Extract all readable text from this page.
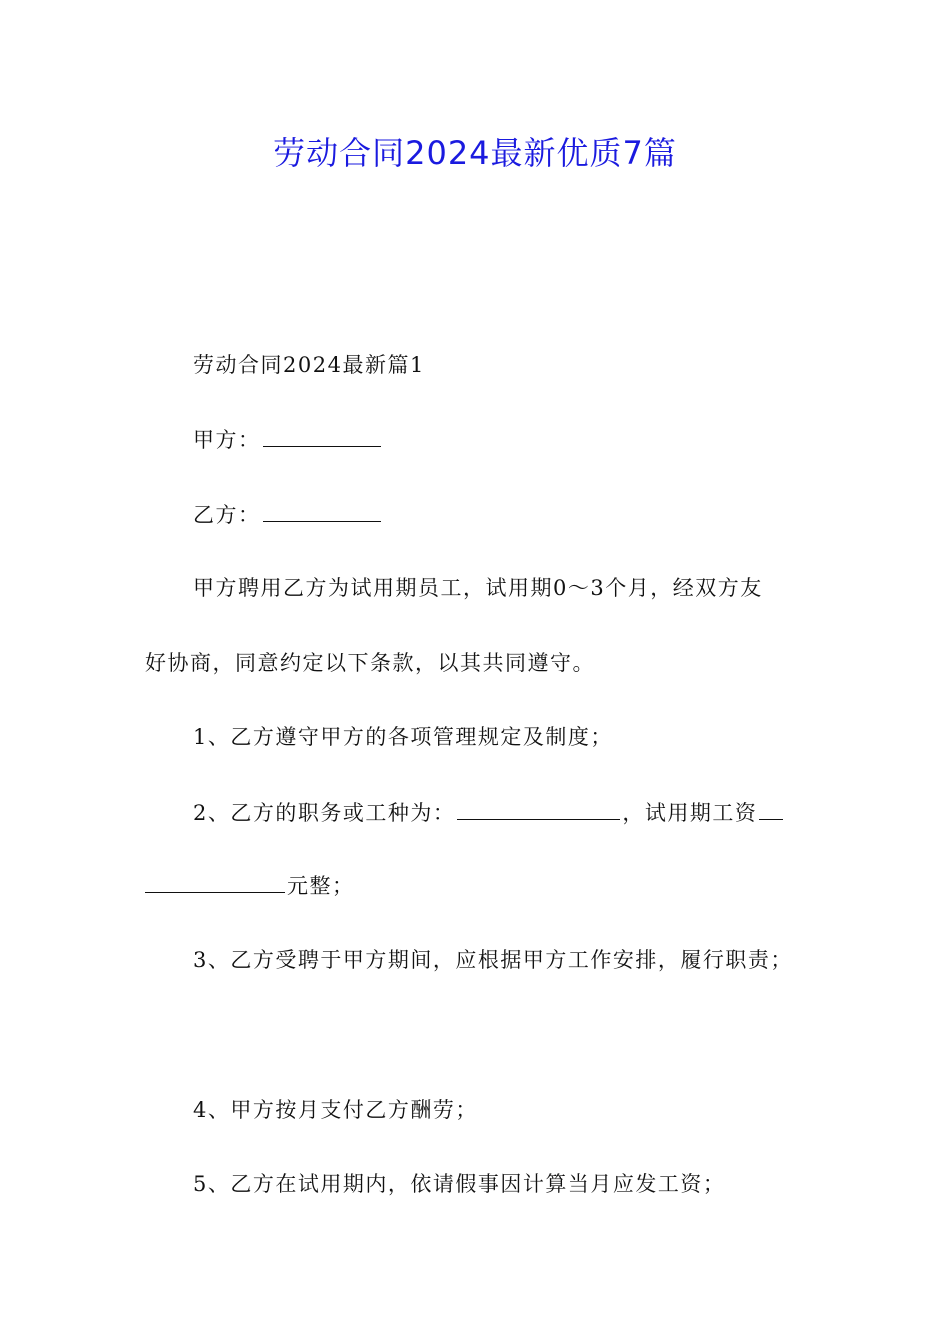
劳动合同2024最新优质7篇
劳动合同2024最新篇1
甲方：
乙方：
甲方聘用乙方为试用期员工，试用期0～3个月，经双方友
好协商，同意约定以下条款，以其共同遵守。
1、乙方遵守甲方的各项管理规定及制度；
2、乙方的职务或工种为：	，试用期工资
元整；
3、乙方受聘于甲方期间，应根据甲方工作安排，履行职责；
4、甲方按月支付乙方酬劳；
5、乙方在试用期内，依请假事因计算当月应发工资；
